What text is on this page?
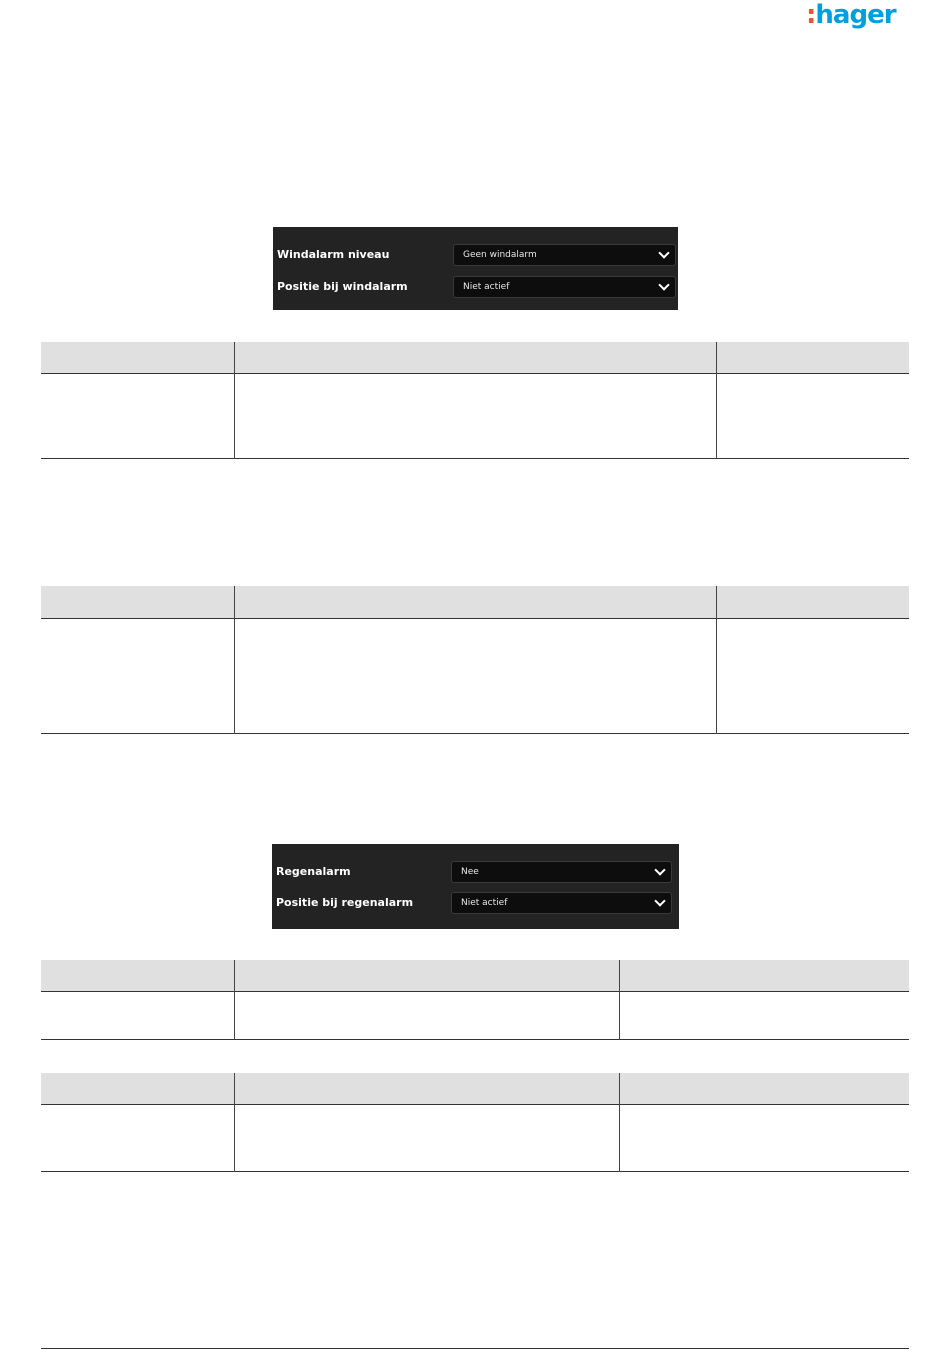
:hager
Windalarm niveau	Geen windalarm
Positie bij windalarm	Niet actief
Regenalarm	Nee
Positie bij regenalarm	Niet actief
